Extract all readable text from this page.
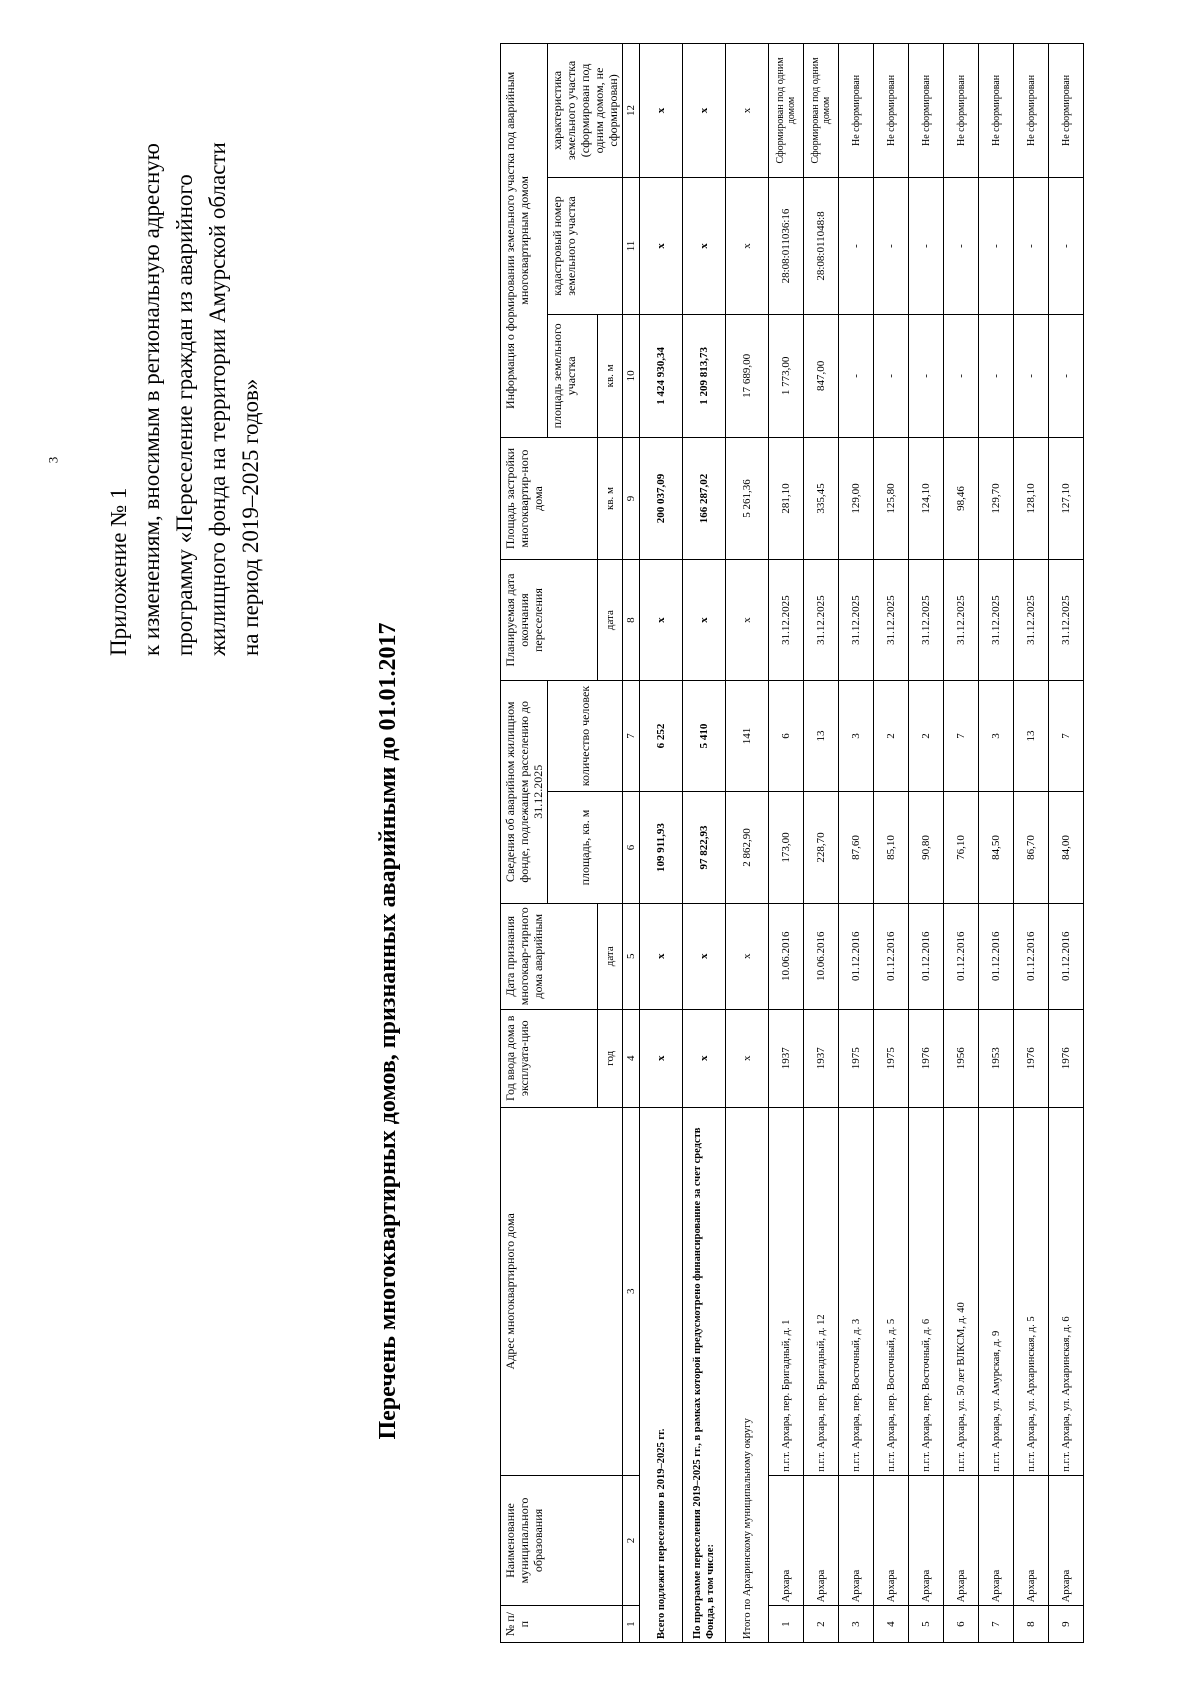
3
Приложение № 1 к изменениям, вносимым в региональную адресную программу «Переселение граждан из аварийного жилищного фонда на территории Амурской области на период 2019–2025 годов»
Перечень многоквартирных домов, признанных аварийными до 01.01.2017
№ п/п	Наименование муниципального образования	Адрес многоквартирного дома	Год ввода дома в эксплуата-цию	Дата признания многоквар-тирного дома аварийным	Сведения об аварийном жилищном фонде, подлежащем расселению до 31.12.2025		Планируемая дата окончания переселения	Площадь застройки многоквартир-ного дома	Информация о формировании земельного участка под аварийным многоквартирным домом		
					площадь, кв. м	количество человек			площадь земельного участка	кадастровый номер земельного участка	характеристика земельного участка (сформирован под одним домом, не сформирован)
			год	дата			дата	кв. м	кв. м		
1	2	3	4	5	6	7	8	9	10	11	12
Всего подлежит переселению в 2019–2025 гг.			х	х	109 911,93	6 252	х	200 037,09	1 424 930,34	х	х
По программе переселения 2019–2025 гг., в рамках которой предусмотрено финансирование за счет средств Фонда, в том числе:			х	х	97 822,93	5 410	х	166 287,02	1 209 813,73	х	х
Итого по Архаринскому муниципальному округу			х	х	2 862,90	141	х	5 261,36	17 689,00	х	х
1	Архара	п.г.т. Архара, пер. Бригадный, д. 1	1937	10.06.2016	173,00	6	31.12.2025	281,10	1 773,00	28:08:011036:16	Сформирован под одним домом
2	Архара	п.г.т. Архара, пер. Бригадный, д. 12	1937	10.06.2016	228,70	13	31.12.2025	335,45	847,00	28:08:011048:8	Сформирован под одним домом
3	Архара	п.г.т. Архара, пер. Восточный, д. 3	1975	01.12.2016	87,60	3	31.12.2025	129,00	-	-	Не сформирован
4	Архара	п.г.т. Архара, пер. Восточный, д. 5	1975	01.12.2016	85,10	2	31.12.2025	125,80	-	-	Не сформирован
5	Архара	п.г.т. Архара, пер. Восточный, д. 6	1976	01.12.2016	90,80	2	31.12.2025	124,10	-	-	Не сформирован
6	Архара	п.г.т. Архара, ул. 50 лет ВЛКСМ, д. 40	1956	01.12.2016	76,10	7	31.12.2025	98,46	-	-	Не сформирован
7	Архара	п.г.т. Архара, ул. Амурская, д. 9	1953	01.12.2016	84,50	3	31.12.2025	129,70	-	-	Не сформирован
8	Архара	п.г.т. Архара, ул. Архаринская, д. 5	1976	01.12.2016	86,70	13	31.12.2025	128,10	-	-	Не сформирован
9	Архара	п.г.т. Архара, ул. Архаринская, д. 6	1976	01.12.2016	84,00	7	31.12.2025	127,10	-	-	Не сформирован
